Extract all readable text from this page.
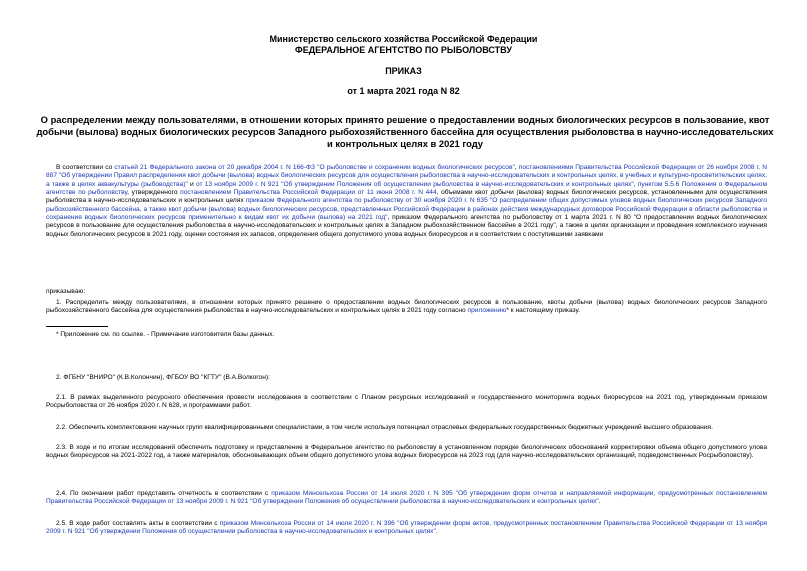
Министерство сельского хозяйства Российской Федерации
ФЕДЕРАЛЬНОЕ АГЕНТСТВО ПО РЫБОЛОВСТВУ
ПРИКАЗ
от 1 марта 2021 года N 82
О распределении между пользователями, в отношении которых принято решение о предоставлении водных биологических ресурсов в пользование, квот добычи (вылова) водных биологических ресурсов Западного рыбохозяйственного бассейна для осуществления рыболовства в научно-исследовательских и контрольных целях в 2021 году
В соответствии со статьей 21 Федерального закона от 20 декабря 2004 г. N 166-ФЗ "О рыболовстве и сохранении водных биологических ресурсов", постановлениями Правительства Российской Федерации от 26 ноября 2008 г. N 887 "Об утверждении Правил распределения квот добычи (вылова) водных биологических ресурсов для осуществления рыболовства в научно-исследовательских и контрольных целях, в учебных и культурно-просветительских целях, а также в целях аквакультуры (рыбоводства)" и от 13 ноября 2009 г. N 921 "Об утверждении Положения об осуществлении рыболовства в научно-исследовательских и контрольных целях", пунктом 5.5.6 Положения о Федеральном агентстве по рыболовству, утвержденного постановлением Правительства Российской Федерации от 11 июня 2008 г. N 444, объемами квот добычи (вылова) водных биологических ресурсов, установленными для осуществления рыболовства в научно-исследовательских и контрольных целях приказом Федерального агентства по рыболовству от 30 ноября 2020 г. N 635 "О распределении общих допустимых уловов водных биологических ресурсов Западного рыбохозяйственного бассейна, а также квот добычи (вылова) водных биологических ресурсов, представленных Российской Федерации в районах действия международных договоров Российской Федерации в области рыболовства и сохранения водных биологических ресурсов применительно к видам квот их добычи (вылова) на 2021 год", приказом Федерального агентства по рыболовству от 1 марта 2021 г. N 80 "О предоставлении водных биологических ресурсов в пользование для осуществления рыболовства в научно-исследовательских и контрольных целях в Западном рыбохозяйственном бассейне в 2021 году", а также в целях организации и проведения комплексного изучения водных биологических ресурсов в 2021 году, оценки состояния их запасов, определения общего допустимого улова водных биоресурсов и в соответствии с поступившими заявками
приказываю:
1. Распределить между пользователями, в отношении которых принято решение о предоставлении водных биологических ресурсов в пользование, квоты добычи (вылова) водных биологических ресурсов Западного рыбохозяйственного бассейна для осуществления рыболовства в научно-исследовательских и контрольных целях в 2021 году согласно приложению* к настоящему приказу.
* Приложение см. по ссылке. - Примечание изготовителя базы данных.
2. ФГБНУ "ВНИРО" (К.В.Колончин), ФГБОУ ВО "КГТУ" (В.А.Волкогон):
2.1. В рамках выделенного ресурсного обеспечения провести исследования в соответствии с Планом ресурсных исследований и государственного мониторинга водных биоресурсов на 2021 год, утвержденным приказом Росрыболовства от 26 ноября 2020 г. N 628, и программами работ.
2.2. Обеспечить комплектование научных групп квалифицированными специалистами, в том числе используя потенциал отраслевых федеральных государственных бюджетных учреждений высшего образования.
2.3. В ходе и по итогам исследований обеспечить подготовку и представление в Федеральное агентство по рыболовству в установленном порядке биологических обоснований корректировки объема общего допустимого улова водных биоресурсов на 2021-2022 год, а также материалов, обосновывающих объем общего допустимого улова водных биоресурсов на 2023 год (для научно-исследовательских организаций, подведомственных Росрыболовству).
2.4. По окончании работ представить отчетность в соответствии с приказом Минсельхоза России от 14 июля 2020 г. N 395 "Об утверждении форм отчетов и направляемой информации, предусмотренных постановлением Правительства Российской Федерации от 13 ноября 2009 г. N 921 "Об утверждении Положения об осуществлении рыболовства в научно-исследовательских и контрольных целях".
2.5. В ходе работ составлять акты в соответствии с приказом Минсельхоза России от 14 июля 2020 г. N 396 "Об утверждении форм актов, предусмотренных постановлением Правительства Российской Федерации от 13 ноября 2009 г. N 921 "Об утверждении Положения об осуществлении рыболовства в научно-исследовательских и контрольных целях".
